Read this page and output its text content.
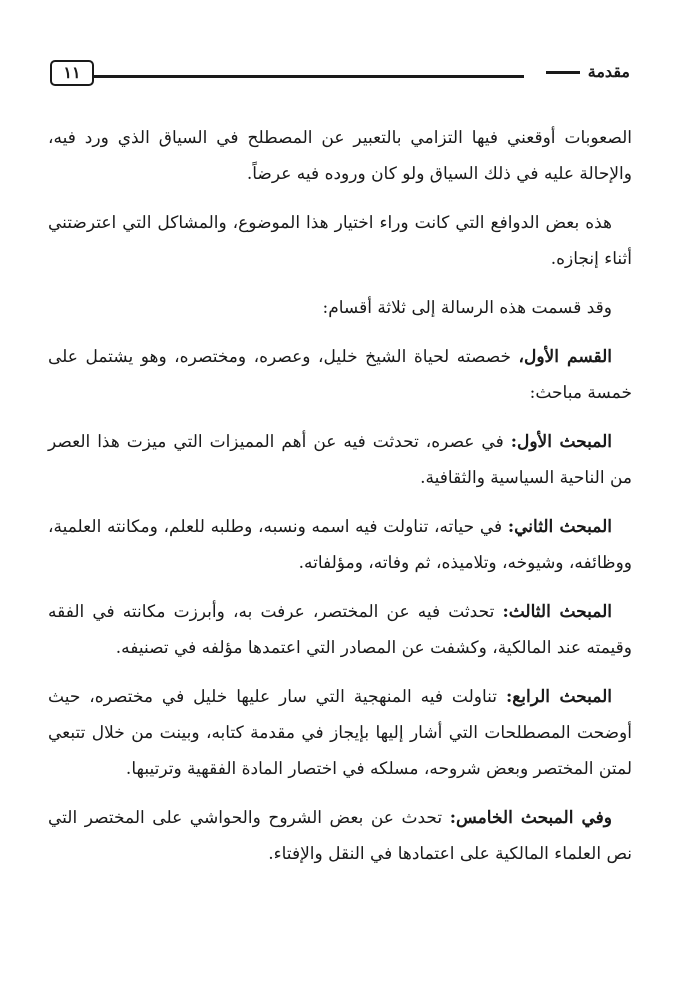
١١	مقدمة

الصعوبات أوقعني فيها التزامي بالتعبير عن المصطلح في السياق الذي ورد فيه، والإحالة عليه في ذلك السياق ولو كان وروده فيه عرضاً.

هذه بعض الدوافع التي كانت وراء اختيار هذا الموضوع، والمشاكل التي اعترضتني أثناء إنجازه.

وقد قسمت هذه الرسالة إلى ثلاثة أقسام:

القسم الأول، خصصته لحياة الشيخ خليل، وعصره، ومختصره، وهو يشتمل على خمسة مباحث:

المبحث الأول: في عصره، تحدثت فيه عن أهم المميزات التي ميزت هذا العصر من الناحية السياسية والثقافية.

المبحث الثاني: في حياته، تناولت فيه اسمه ونسبه، وطلبه للعلم، ومكانته العلمية، ووظائفه، وشيوخه، وتلاميذه، ثم وفاته، ومؤلفاته.

المبحث الثالث: تحدثت فيه عن المختصر، عرفت به، وأبرزت مكانته في الفقه وقيمته عند المالكية، وكشفت عن المصادر التي اعتمدها مؤلفه في تصنيفه.

المبحث الرابع: تناولت فيه المنهجية التي سار عليها خليل في مختصره، حيث أوضحت المصطلحات التي أشار إليها بإيجاز في مقدمة كتابه، وبينت من خلال تتبعي لمتن المختصر وبعض شروحه، مسلكه في اختصار المادة الفقهية وترتيبها.

وفي المبحث الخامس: تحدث عن بعض الشروح والحواشي على المختصر التي نص العلماء المالكية على اعتمادها في النقل والإفتاء.
